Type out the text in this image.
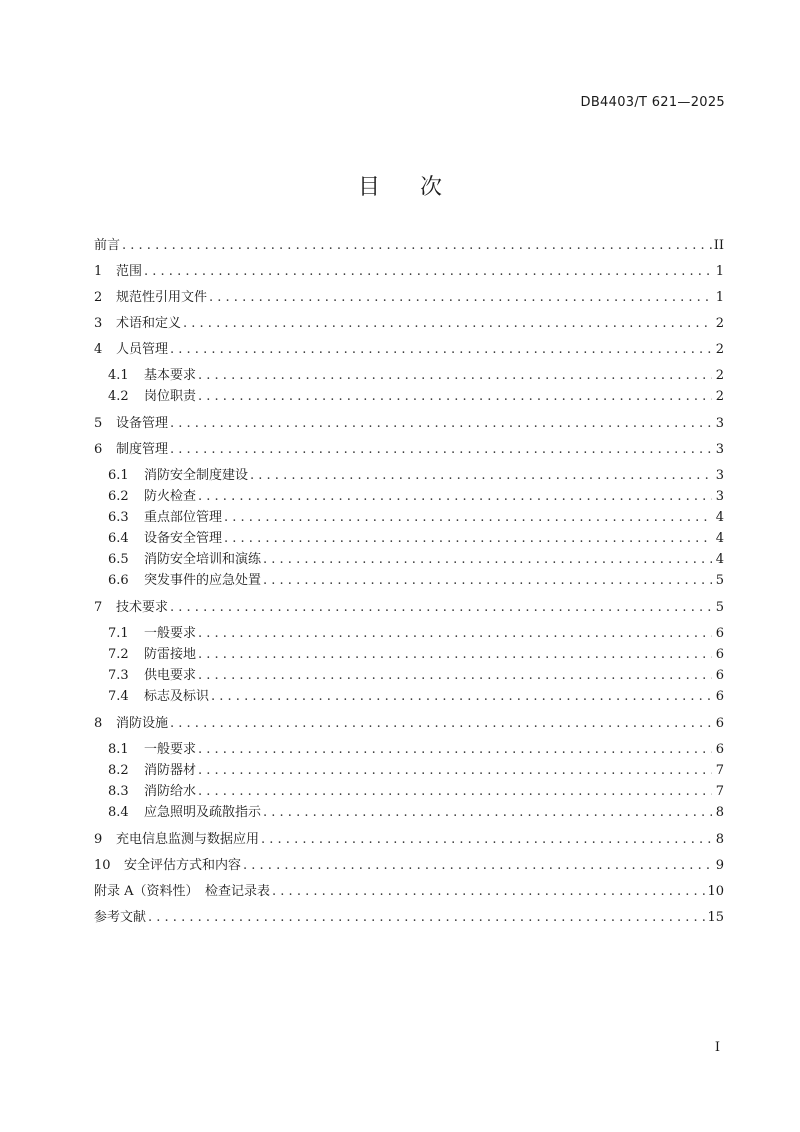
DB4403/T 621—2025
目 次
前言 . . .	II
1	范围 . . .	1
2	规范性引用文件 . . .	1
3	术语和定义 . . .	2
4	人员管理 . . .	2
4.1	基本要求 . . .	2
4.2	岗位职责 . . .	2
5	设备管理 . . .	3
6	制度管理 . . .	3
6.1	消防安全制度建设 . . .	3
6.2	防火检查 . . .	3
6.3	重点部位管理 . . .	4
6.4	设备安全管理 . . .	4
6.5	消防安全培训和演练 . . .	4
6.6	突发事件的应急处置 . . .	5
7	技术要求 . . .	5
7.1	一般要求 . . .	6
7.2	防雷接地 . . .	6
7.3	供电要求 . . .	6
7.4	标志及标识 . . .	6
8	消防设施 . . .	6
8.1	一般要求 . . .	6
8.2	消防器材 . . .	7
8.3	消防给水 . . .	7
8.4	应急照明及疏散指示 . . .	8
9	充电信息监测与数据应用 . . .	8
10	安全评估方式和内容 . . .	9
附录 A（资料性）　检查记录表 . . .	10
参考文献 . . .	15
I
